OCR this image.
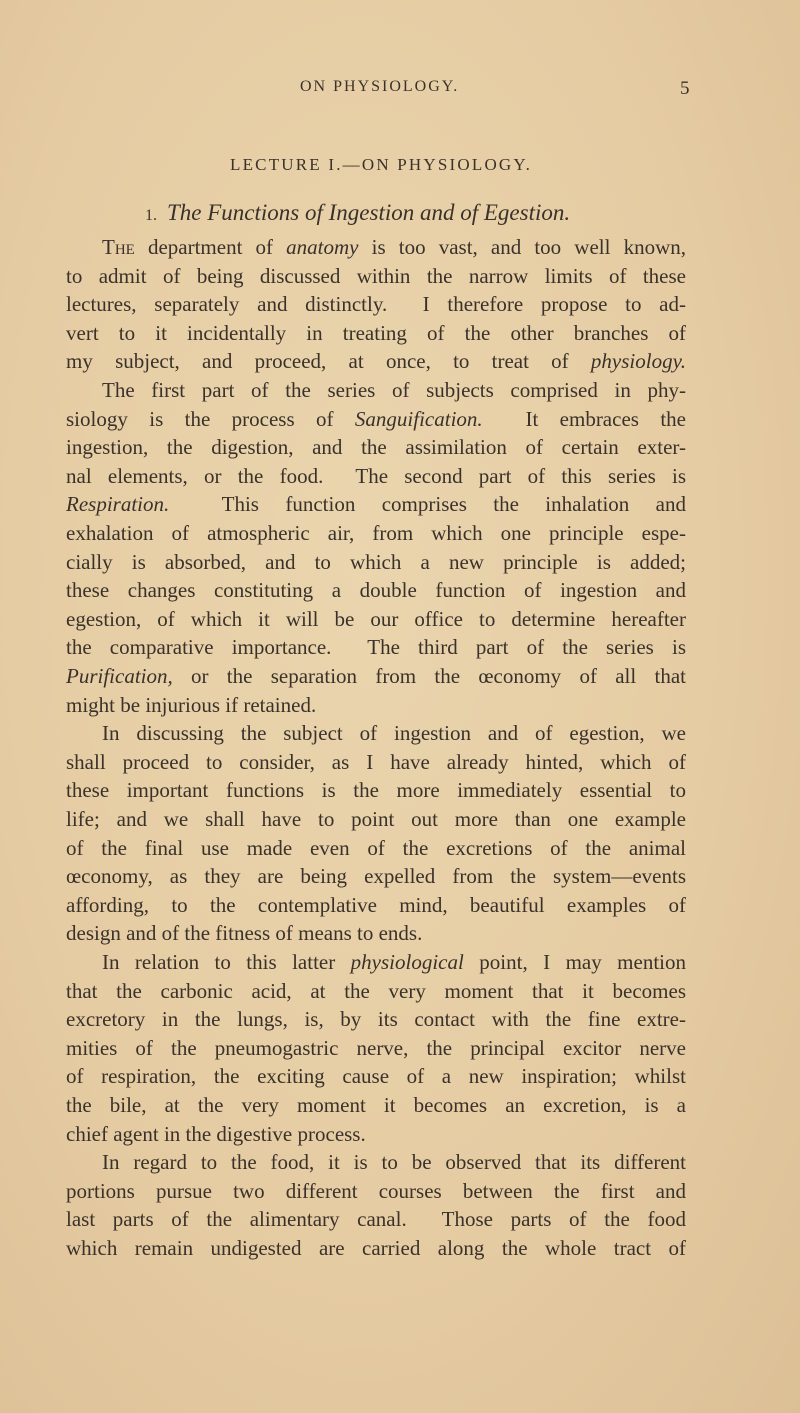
ON PHYSIOLOGY.	5
LECTURE I.—ON PHYSIOLOGY.
1. The Functions of Ingestion and of Egestion.
The department of anatomy is too vast, and too well known,
to admit of being discussed within the narrow limits of these
lectures, separately and distinctly.  I therefore propose to ad-
vert to it incidentally in treating of the other branches of
my subject, and proceed, at once, to treat of physiology.
The first part of the series of subjects comprised in phy-
siology is the process of Sanguification.  It embraces the
ingestion, the digestion, and the assimilation of certain exter-
nal elements, or the food.  The second part of this series is
Respiration.  This function comprises the inhalation and
exhalation of atmospheric air, from which one principle espe-
cially is absorbed, and to which a new principle is added;
these changes constituting a double function of ingestion and
egestion, of which it will be our office to determine hereafter
the comparative importance.  The third part of the series is
Purification, or the separation from the œconomy of all that
might be injurious if retained.
In discussing the subject of ingestion and of egestion, we
shall proceed to consider, as I have already hinted, which of
these important functions is the more immediately essential to
life; and we shall have to point out more than one example
of the final use made even of the excretions of the animal
œconomy, as they are being expelled from the system—events
affording, to the contemplative mind, beautiful examples of
design and of the fitness of means to ends.
In relation to this latter physiological point, I may mention
that the carbonic acid, at the very moment that it becomes
excretory in the lungs, is, by its contact with the fine extre-
mities of the pneumogastric nerve, the principal excitor nerve
of respiration, the exciting cause of a new inspiration; whilst
the bile, at the very moment it becomes an excretion, is a
chief agent in the digestive process.
In regard to the food, it is to be observed that its different
portions pursue two different courses between the first and
last parts of the alimentary canal.  Those parts of the food
which remain undigested are carried along the whole tract of
